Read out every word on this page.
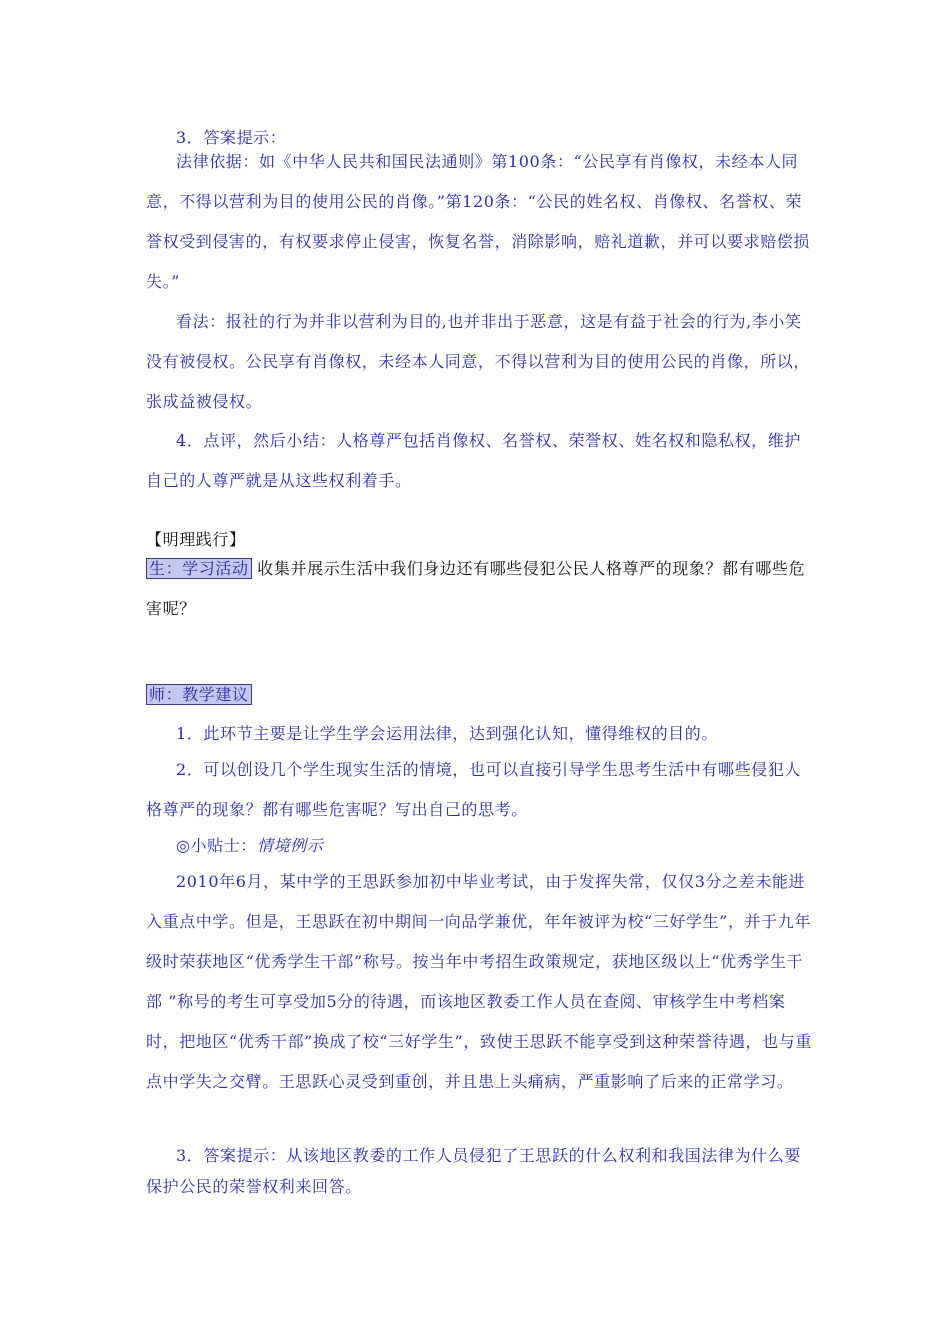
3．答案提示：

法律依据：如《中华人民共和国民法通则》第100条：“公民享有肖像权，未经本人同意，不得以营利为目的使用公民的肖像。”第120条：“公民的姓名权、肖像权、名誉权、荣誉权受到侵害的，有权要求停止侵害，恢复名誉，消除影响，赔礼道歉，并可以要求赔偿损失。”

看法：报社的行为并非以营利为目的,也并非出于恶意，这是有益于社会的行为,李小笑没有被侵权。公民享有肖像权，未经本人同意，不得以营利为目的使用公民的肖像，所以，张成益被侵权。

4．点评，然后小结：人格尊严包括肖像权、名誉权、荣誉权、姓名权和隐私权，维护自己的人尊严就是从这些权利着手。

【明理践行】

生：学习活动 收集并展示生活中我们身边还有哪些侵犯公民人格尊严的现象？都有哪些危害呢？

师：教学建议

1．此环节主要是让学生学会运用法律，达到强化认知，懂得维权的目的。

2．可以创设几个学生现实生活的情境，也可以直接引导学生思考生活中有哪些侵犯人格尊严的现象？都有哪些危害呢？写出自己的思考。

◎小贴士：情境例示

2010年6月，某中学的王思跃参加初中毕业考试，由于发挥失常，仅仅3分之差未能进入重点中学。但是，王思跃在初中期间一向品学兼优，年年被评为校“三好学生”，并于九年级时荣获地区“优秀学生干部”称号。按当年中考招生政策规定，获地区级以上“优秀学生干部 ”称号的考生可享受加5分的待遇，而该地区教委工作人员在查阅、审核学生中考档案时，把地区“优秀干部”换成了校“三好学生”，致使王思跃不能享受到这种荣誉待遇，也与重点中学失之交臂。王思跃心灵受到重创，并且患上头痛病，严重影响了后来的正常学习。

3．答案提示：从该地区教委的工作人员侵犯了王思跃的什么权利和我国法律为什么要保护公民的荣誉权利来回答。
